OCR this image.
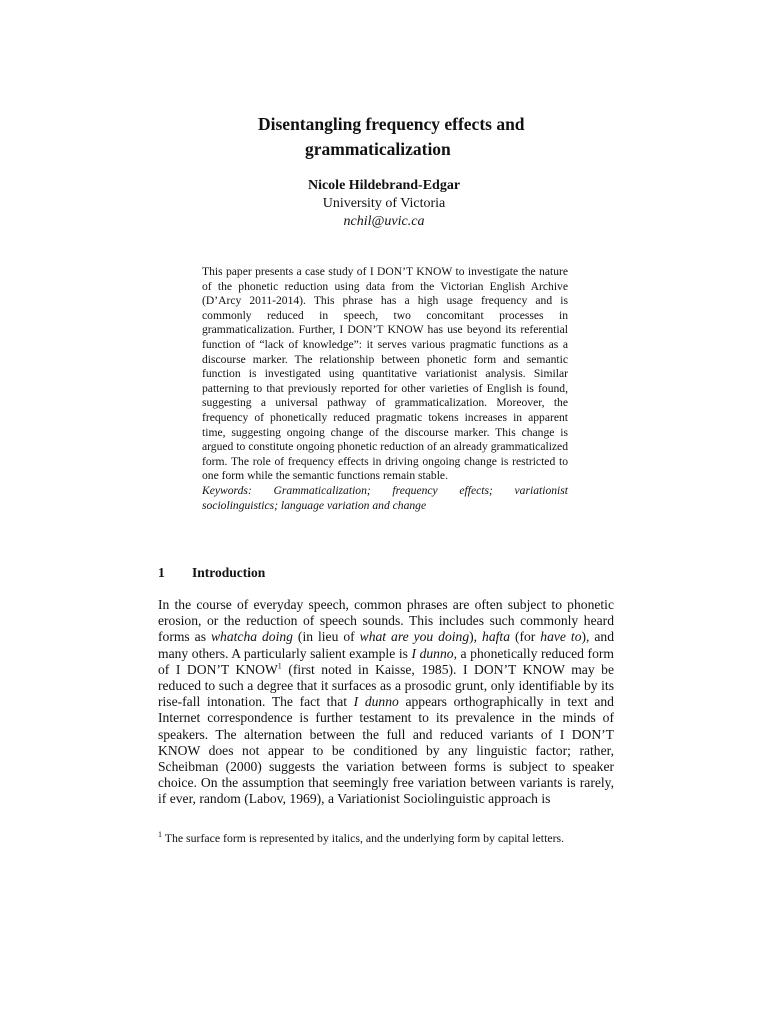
Disentangling frequency effects and

grammaticalization
Nicole Hildebrand-Edgar
University of Victoria
nchil@uvic.ca
This paper presents a case study of I DON’T KNOW to investigate the nature of the phonetic reduction using data from the Victorian English Archive (D’Arcy 2011-2014). This phrase has a high usage frequency and is commonly reduced in speech, two concomitant processes in grammaticalization. Further, I DON’T KNOW has use beyond its referential function of “lack of knowledge”: it serves various pragmatic functions as a discourse marker. The relationship between phonetic form and semantic function is investigated using quantitative variationist analysis. Similar patterning to that previously reported for other varieties of English is found, suggesting a universal pathway of grammaticalization. Moreover, the frequency of phonetically reduced pragmatic tokens increases in apparent time, suggesting ongoing change of the discourse marker. This change is argued to constitute ongoing phonetic reduction of an already grammaticalized form. The role of frequency effects in driving ongoing change is restricted to one form while the semantic functions remain stable.
Keywords: Grammaticalization; frequency effects; variationist sociolinguistics; language variation and change
1 Introduction
In the course of everyday speech, common phrases are often subject to phonetic erosion, or the reduction of speech sounds. This includes such commonly heard forms as whatcha doing (in lieu of what are you doing), hafta (for have to), and many others. A particularly salient example is I dunno, a phonetically reduced form of I DON’T KNOW$^1$ (first noted in Kaisse, 1985). I DON’T KNOW may be reduced to such a degree that it surfaces as a prosodic grunt, only identifiable by its rise-fall intonation. The fact that I dunno appears orthographically in text and Internet correspondence is further testament to its prevalence in the minds of speakers. The alternation between the full and reduced variants of I DON’T KNOW does not appear to be conditioned by any linguistic factor; rather, Scheibman (2000) suggests the variation between forms is subject to speaker choice. On the assumption that seemingly free variation between variants is rarely, if ever, random (Labov, 1969), a Variationist Sociolinguistic approach is
$^1$ The surface form is represented by italics, and the underlying form by capital letters.
